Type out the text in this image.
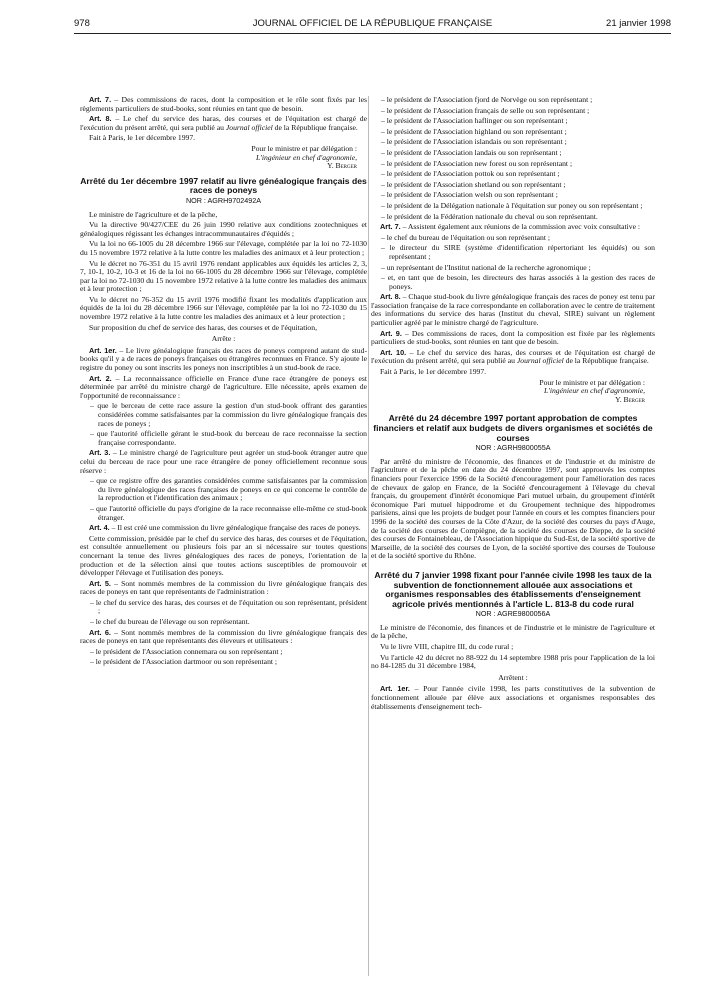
978	JOURNAL OFFICIEL DE LA RÉPUBLIQUE FRANÇAISE	21 janvier 1998

Art. 7. – Des commissions de races, dont la composition et le rôle sont fixés par les règlements particuliers de stud-books, sont réunies en tant que de besoin.

Art. 8. – Le chef du service des haras, des courses et de l'équitation est chargé de l'exécution du présent arrêté, qui sera publié au Journal officiel de la République française.

Fait à Paris, le 1er décembre 1997.

Pour le ministre et par délégation :

L'ingénieur en chef d'agronomie,

Y. Berger

Arrêté du 1er décembre 1997 relatif au livre généalogique français des races de poneys
NOR : AGRH9702492A

Le ministre de l'agriculture et de la pêche,

Vu la directive 90/427/CEE du 26 juin 1990 relative aux conditions zootechniques et généalogiques régissant les échanges intracommunautaires d'équidés ;

Vu la loi no 66-1005 du 28 décembre 1966 sur l'élevage, complétée par la loi no 72-1030 du 15 novembre 1972 relative à la lutte contre les maladies des animaux et à leur protection ;

Vu le décret no 76-351 du 15 avril 1976 rendant applicables aux équidés les articles 2, 3, 7, 10-1, 10-2, 10-3 et 16 de la loi no 66-1005 du 28 décembre 1966 sur l'élevage, complétée par la loi no 72-1030 du 15 novembre 1972 relative à la lutte contre les maladies des animaux et à leur protection ;

Vu le décret no 76-352 du 15 avril 1976 modifié fixant les modalités d'application aux équidés de la loi du 28 décembre 1966 sur l'élevage, complétée par la loi no 72-1030 du 15 novembre 1972 relative à la lutte contre les maladies des animaux et à leur protection ;

Sur proposition du chef de service des haras, des courses et de l'équitation,

Arrête :

Art. 1er. – Le livre généalogique français des races de poneys comprend autant de stud-books qu'il y a de races de poneys françaises ou étrangères reconnues en France. S'y ajoute le registre du poney ou sont inscrits les poneys non inscriptibles à un stud-book de race.

Art. 2. – La reconnaissance officielle en France d'une race étrangère de poneys est déterminée par arrêté du ministre chargé de l'agriculture. Elle nécessite, après examen de l'opportunité de reconnaissance :

– que le berceau de cette race assure la gestion d'un stud-book offrant des garanties considérées comme satisfaisantes par la commission du livre généalogique français des races de poneys ;

– que l'autorité officielle gérant le stud-book du berceau de race reconnaisse la section française correspondante.

Art. 3. – Le ministre chargé de l'agriculture peut agréer un stud-book étranger autre que celui du berceau de race pour une race étrangère de poney officiellement reconnue sous réserve :

– que ce registre offre des garanties considérées comme satisfaisantes par la commission du livre généalogique des races françaises de poneys en ce qui concerne le contrôle de la reproduction et l'identification des animaux ;

– que l'autorité officielle du pays d'origine de la race reconnaisse elle-même ce stud-book étranger.

Art. 4. – Il est créé une commission du livre généalogique française des races de poneys.

Cette commission, présidée par le chef du service des haras, des courses et de l'équitation, est consultée annuellement ou plusieurs fois par an si nécessaire sur toutes questions concernant la tenue des livres généalogiques des races de poneys, l'orientation de la production et de la sélection ainsi que toutes actions susceptibles de promouvoir et développer l'élevage et l'utilisation des poneys.

Art. 5. – Sont nommés membres de la commission du livre généalogique français des races de poneys en tant que représentants de l'administration :

– le chef du service des haras, des courses et de l'équitation ou son représentant, président ;

– le chef du bureau de l'élevage ou son représentant.

Art. 6. – Sont nommés membres de la commission du livre généalogique français des races de poneys en tant que représentants des éleveurs et utilisateurs :

– le président de l'Association connemara ou son représentant ;

– le président de l'Association dartmoor ou son représentant ;

– le président de l'Association fjord de Norvège ou son représentant ;

– le président de l'Association français de selle ou son représentant ;

– le président de l'Association haflinger ou son représentant ;

– le président de l'Association highland ou son représentant ;

– le président de l'Association islandais ou son représentant ;

– le président de l'Association landais ou son représentant ;

– le président de l'Association new forest ou son représentant ;

– le président de l'Association pottok ou son représentant ;

– le président de l'Association shetland ou son représentant ;

– le président de l'Association welsh ou son représentant ;

– le président de la Délégation nationale à l'équitation sur poney ou son représentant ;

– le président de la Fédération nationale du cheval ou son représentant.

Art. 7. – Assistent également aux réunions de la commission avec voix consultative :

– le chef du bureau de l'équitation ou son représentant ;

– le directeur du SIRE (système d'identification répertoriant les équidés) ou son représentant ;

– un représentant de l'Institut national de la recherche agronomique ;

– et, en tant que de besoin, les directeurs des haras associés à la gestion des races de poneys.

Art. 8. – Chaque stud-book du livre généalogique français des races de poney est tenu par l'association française de la race correspondante en collaboration avec le centre de traitement des informations du service des haras (Institut du cheval, SIRE) suivant un règlement particulier agréé par le ministre chargé de l'agriculture.

Art. 9. – Des commissions de races, dont la composition est fixée par les règlements particuliers de stud-books, sont réunies en tant que de besoin.

Art. 10. – Le chef du service des haras, des courses et de l'équitation est chargé de l'exécution du présent arrêté, qui sera publié au Journal officiel de la République française.

Fait à Paris, le 1er décembre 1997.

Pour le ministre et par délégation :

L'ingénieur en chef d'agronomie,

Y. Berger

Arrêté du 24 décembre 1997 portant approbation de comptes financiers et relatif aux budgets de divers organismes et sociétés de courses
NOR : AGRH9800055A

Par arrêté du ministre de l'économie, des finances et de l'industrie et du ministre de l'agriculture et de la pêche en date du 24 décembre 1997, sont approuvés les comptes financiers pour l'exercice 1996 de la Société d'encouragement pour l'amélioration des races de chevaux de galop en France, de la Société d'encouragement à l'élevage du cheval français, du groupement d'intérêt économique Pari mutuel urbain, du groupement d'intérêt économique Pari mutuel hippodrome et du Groupement technique des hippodromes parisiens, ainsi que les projets de budget pour l'année en cours et les comptes financiers pour 1996 de la société des courses de la Côte d'Azur, de la société des courses du pays d'Auge, de la société des courses de Compiègne, de la société des courses de Dieppe, de la société des courses de Fontainebleau, de l'Association hippique du Sud-Est, de la société sportive de Marseille, de la société des courses de Lyon, de la société sportive des courses de Toulouse et de la société sportive du Rhône.

Arrêté du 7 janvier 1998 fixant pour l'année civile 1998 les taux de la subvention de fonctionnement allouée aux associations et organismes responsables des établissements d'enseignement agricole privés mentionnés à l'article L. 813-8 du code rural
NOR : AGRE9800056A

Le ministre de l'économie, des finances et de l'industrie et le ministre de l'agriculture et de la pêche,

Vu le livre VIII, chapitre III, du code rural ;

Vu l'article 42 du décret no 88-922 du 14 septembre 1988 pris pour l'application de la loi no 84-1285 du 31 décembre 1984,

Arrêtent :

Art. 1er. – Pour l'année civile 1998, les parts constitutives de la subvention de fonctionnement allouée par élève aux associations et organismes responsables des établissements d'enseignement tech-
